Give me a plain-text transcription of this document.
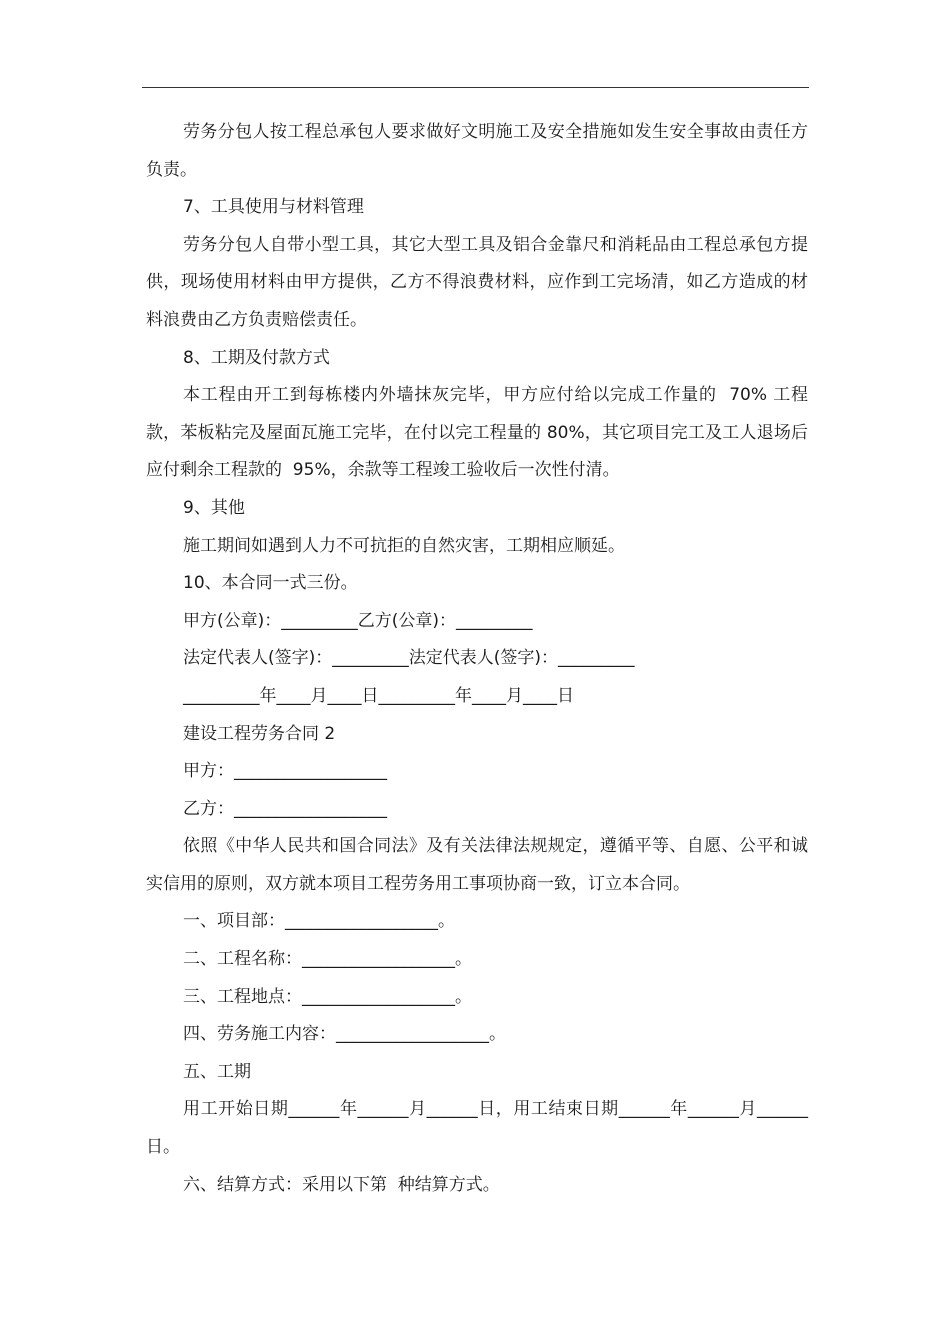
劳务分包人按工程总承包人要求做好文明施工及安全措施如发生安全事故由责任方负责。

7、工具使用与材料管理

劳务分包人自带小型工具，其它大型工具及铝合金靠尺和消耗品由工程总承包方提供，现场使用材料由甲方提供，乙方不得浪费材料，应作到工完场清，如乙方造成的材料浪费由乙方负责赔偿责任。

8、工期及付款方式

本工程由开工到每栋楼内外墙抹灰完毕，甲方应付给以完成工作量的  70% 工程款，苯板粘完及屋面瓦施工完毕，在付以完工程量的 80%，其它项目完工及工人退场后应付剩余工程款的  95%，余款等工程竣工验收后一次性付清。

9、其他

施工期间如遇到人力不可抗拒的自然灾害，工期相应顺延。

10、本合同一式三份。

甲方(公章)：_________乙方(公章)：_________

法定代表人(签字)：_________法定代表人(签字)：_________

_________年____月____日_________年____月____日

建设工程劳务合同 2

甲方：__________________

乙方：__________________

依照《中华人民共和国合同法》及有关法律法规规定，遵循平等、自愿、公平和诚实信用的原则，双方就本项目工程劳务用工事项协商一致，订立本合同。

一、项目部：__________________。

二、工程名称：__________________。

三、工程地点：__________________。

四、劳务施工内容：__________________。

五、工期

用工开始日期______年______月______日，用工结束日期______年______月______日。

六、结算方式：采用以下第  种结算方式。
